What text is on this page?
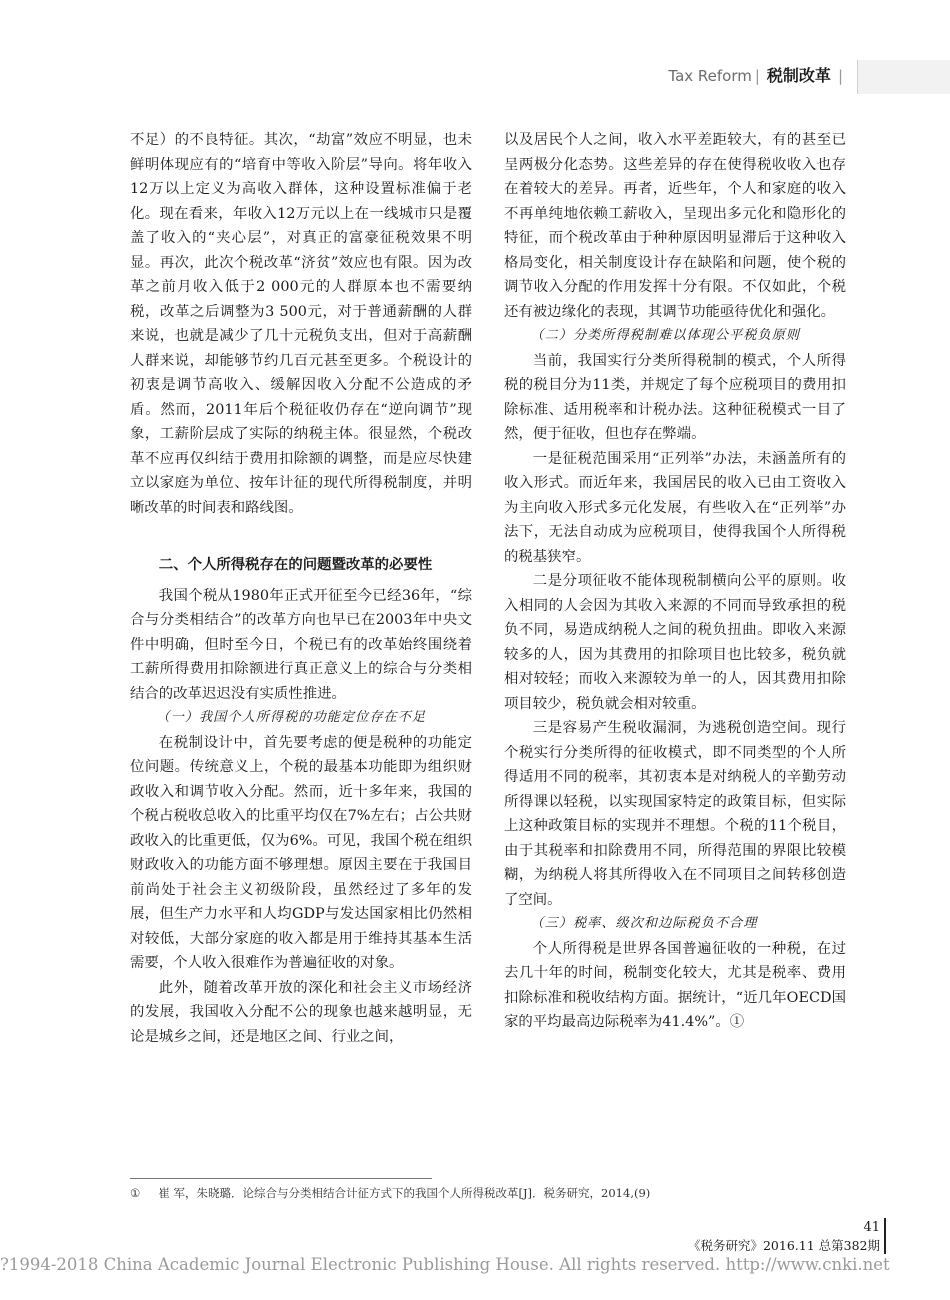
Tax Reform | 税制改革 |

不足）的不良特征。其次，“劫富”效应不明显，也未鲜明体现应有的“培育中等收入阶层”导向。将年收入12万以上定义为高收入群体，这种设置标准偏于老化。现在看来，年收入12万元以上在一线城市只是覆盖了收入的“夹心层”，对真正的富豪征税效果不明显。再次，此次个税改革“济贫”效应也有限。因为改革之前月收入低于2 000元的人群原本也不需要纳税，改革之后调整为3 500元，对于普通薪酬的人群来说，也就是减少了几十元税负支出，但对于高薪酬人群来说，却能够节约几百元甚至更多。个税设计的初衷是调节高收入、缓解因收入分配不公造成的矛盾。然而，2011年后个税征收仍存在“逆向调节”现象，工薪阶层成了实际的纳税主体。很显然，个税改革不应再仅纠结于费用扣除额的调整，而是应尽快建立以家庭为单位、按年计征的现代所得税制度，并明晰改革的时间表和路线图。

二、个人所得税存在的问题暨改革的必要性

我国个税从1980年正式开征至今已经36年，“综合与分类相结合”的改革方向也早已在2003年中央文件中明确，但时至今日，个税已有的改革始终围绕着工薪所得费用扣除额进行真正意义上的综合与分类相结合的改革迟迟没有实质性推进。

（一）我国个人所得税的功能定位存在不足

在税制设计中，首先要考虑的便是税种的功能定位问题。传统意义上，个税的最基本功能即为组织财政收入和调节收入分配。然而，近十多年来，我国的个税占税收总收入的比重平均仅在7%左右；占公共财政收入的比重更低，仅为6%。可见，我国个税在组织财政收入的功能方面不够理想。原因主要在于我国目前尚处于社会主义初级阶段，虽然经过了多年的发展，但生产力水平和人均GDP与发达国家相比仍然相对较低，大部分家庭的收入都是用于维持其基本生活需要，个人收入很难作为普遍征收的对象。

此外，随着改革开放的深化和社会主义市场经济的发展，我国收入分配不公的现象也越来越明显，无论是城乡之间，还是地区之间、行业之间，

以及居民个人之间，收入水平差距较大，有的甚至已呈两极分化态势。这些差异的存在使得税收收入也存在着较大的差异。再者，近些年，个人和家庭的收入不再单纯地依赖工薪收入，呈现出多元化和隐形化的特征，而个税改革由于种种原因明显滞后于这种收入格局变化，相关制度设计存在缺陷和问题，使个税的调节收入分配的作用发挥十分有限。不仅如此，个税还有被边缘化的表现，其调节功能亟待优化和强化。

（二）分类所得税制难以体现公平税负原则

当前，我国实行分类所得税制的模式，个人所得税的税目分为11类，并规定了每个应税项目的费用扣除标准、适用税率和计税办法。这种征税模式一目了然，便于征收，但也存在弊端。

一是征税范围采用“正列举”办法，未涵盖所有的收入形式。而近年来，我国居民的收入已由工资收入为主向收入形式多元化发展，有些收入在“正列举”办法下，无法自动成为应税项目，使得我国个人所得税的税基狭窄。

二是分项征收不能体现税制横向公平的原则。收入相同的人会因为其收入来源的不同而导致承担的税负不同，易造成纳税人之间的税负扭曲。即收入来源较多的人，因为其费用的扣除项目也比较多，税负就相对较轻；而收入来源较为单一的人，因其费用扣除项目较少，税负就会相对较重。

三是容易产生税收漏洞，为逃税创造空间。现行个税实行分类所得的征收模式，即不同类型的个人所得适用不同的税率，其初衷本是对纳税人的辛勤劳动所得课以轻税，以实现国家特定的政策目标，但实际上这种政策目标的实现并不理想。个税的11个税目，由于其税率和扣除费用不同，所得范围的界限比较模糊，为纳税人将其所得收入在不同项目之间转移创造了空间。

（三）税率、级次和边际税负不合理

个人所得税是世界各国普遍征收的一种税，在过去几十年的时间，税制变化较大，尤其是税率、费用扣除标准和税收结构方面。据统计，“近几年OECD国家的平均最高边际税率为41.4%”。①

① 崔 军，朱晓璐．论综合与分类相结合计征方式下的我国个人所得税改革[J]．税务研究，2014,(9)
41
《税务研究》2016.11 总第382期
?1994-2018 China Academic Journal Electronic Publishing House. All rights reserved. http://www.cnki.net
